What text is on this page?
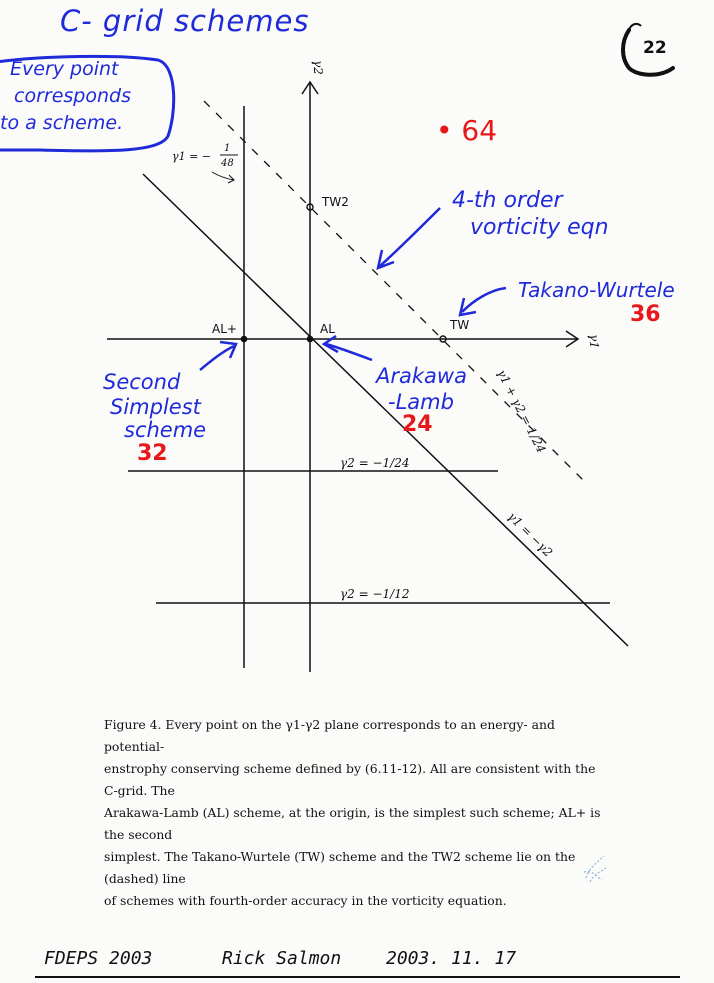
C- grid schemes
22
Every point
corresponds
to a scheme.	• 64
γ1
γ2
TW2
AL+	AL	TW
γ1 = −
1
48
γ1 + γ2 = 1/24
γ1 = −γ2
γ2 = −1/24
γ2 = −1/12
4-th order
vorticity eqn
Takano-Wurtele
36
Second
Simplest
scheme
32
Arakawa
-Lamb
24

Figure 4. Every point on the γ1-γ2 plane corresponds to an energy- and potential-

enstrophy conserving scheme defined by (6.11-12). All are consistent with the C-grid. The

Arakawa-Lamb (AL) scheme, at the origin, is the simplest such scheme; AL+ is the second

simplest. The Takano-Wurtele (TW) scheme and the TW2 scheme lie on the (dashed) line

of schemes with fourth-order accuracy in the vorticity equation.

FDEPS 2003	Rick Salmon 2003. 11. 17
